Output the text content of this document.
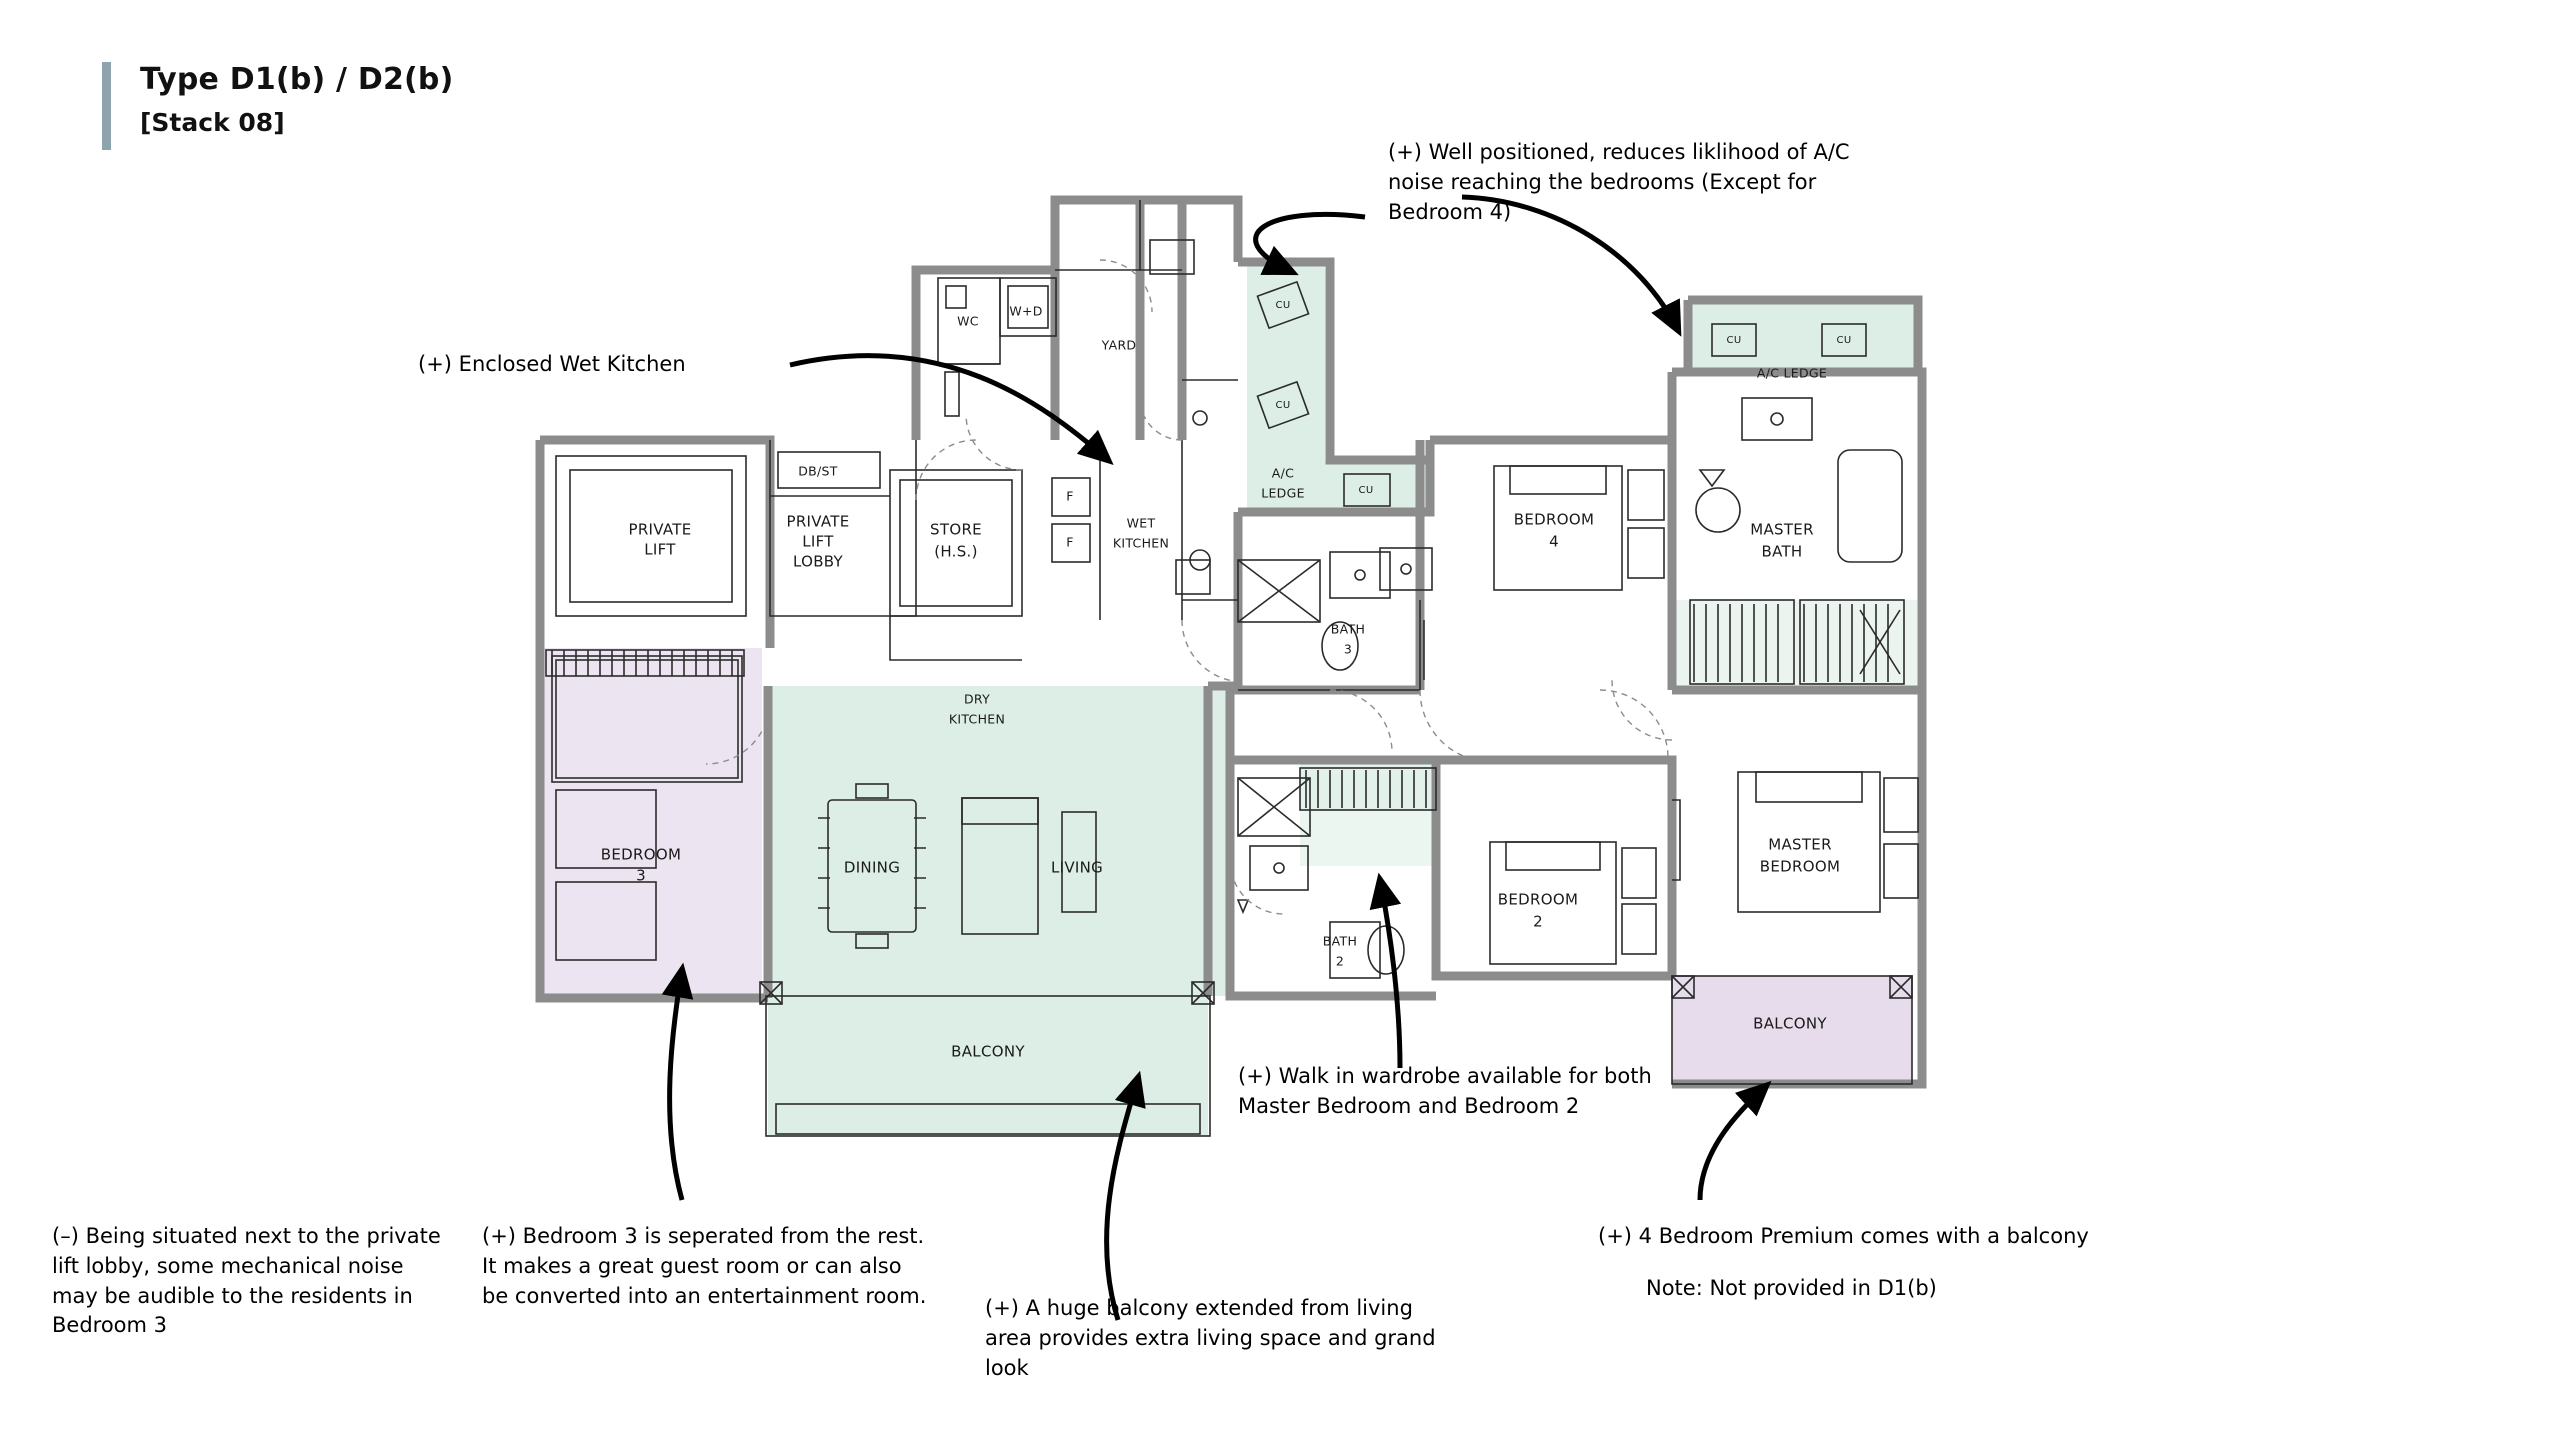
Type D1(b) / D2(b)
[Stack 08]
PRIVATE
LIFT
DB/ST
PRIVATE
LIFT
LOBBY
STORE
(H.S.)
WC
W+D
YARD
F
F
WET
KITCHEN
A/C
LEDGE
CU
CU
CU
BATH
3
DRY
KITCHEN
DINING	LIVING
BALCONY
BEDROOM
3
BATH
2
BEDROOM
2
BEDROOM
4
MASTER
BATH
MASTER
BEDROOM
A/C LEDGE
CU	CU
BALCONY
(+) Well positioned, reduces liklihood of A/C noise reaching the bedrooms (Except for Bedroom 4)
(+) Enclosed Wet Kitchen
(+) Walk in wardrobe available for both Master Bedroom and Bedroom 2
(–) Being situated next to the private lift lobby, some mechanical noise may be audible to the residents in Bedroom 3
(+) Bedroom 3 is seperated from the rest. It makes a great guest room or can also be converted into an entertainment room.
(+) A huge balcony extended from living area provides extra living space and grand look
(+) 4 Bedroom Premium comes with a balcony
Note: Not provided in D1(b)
